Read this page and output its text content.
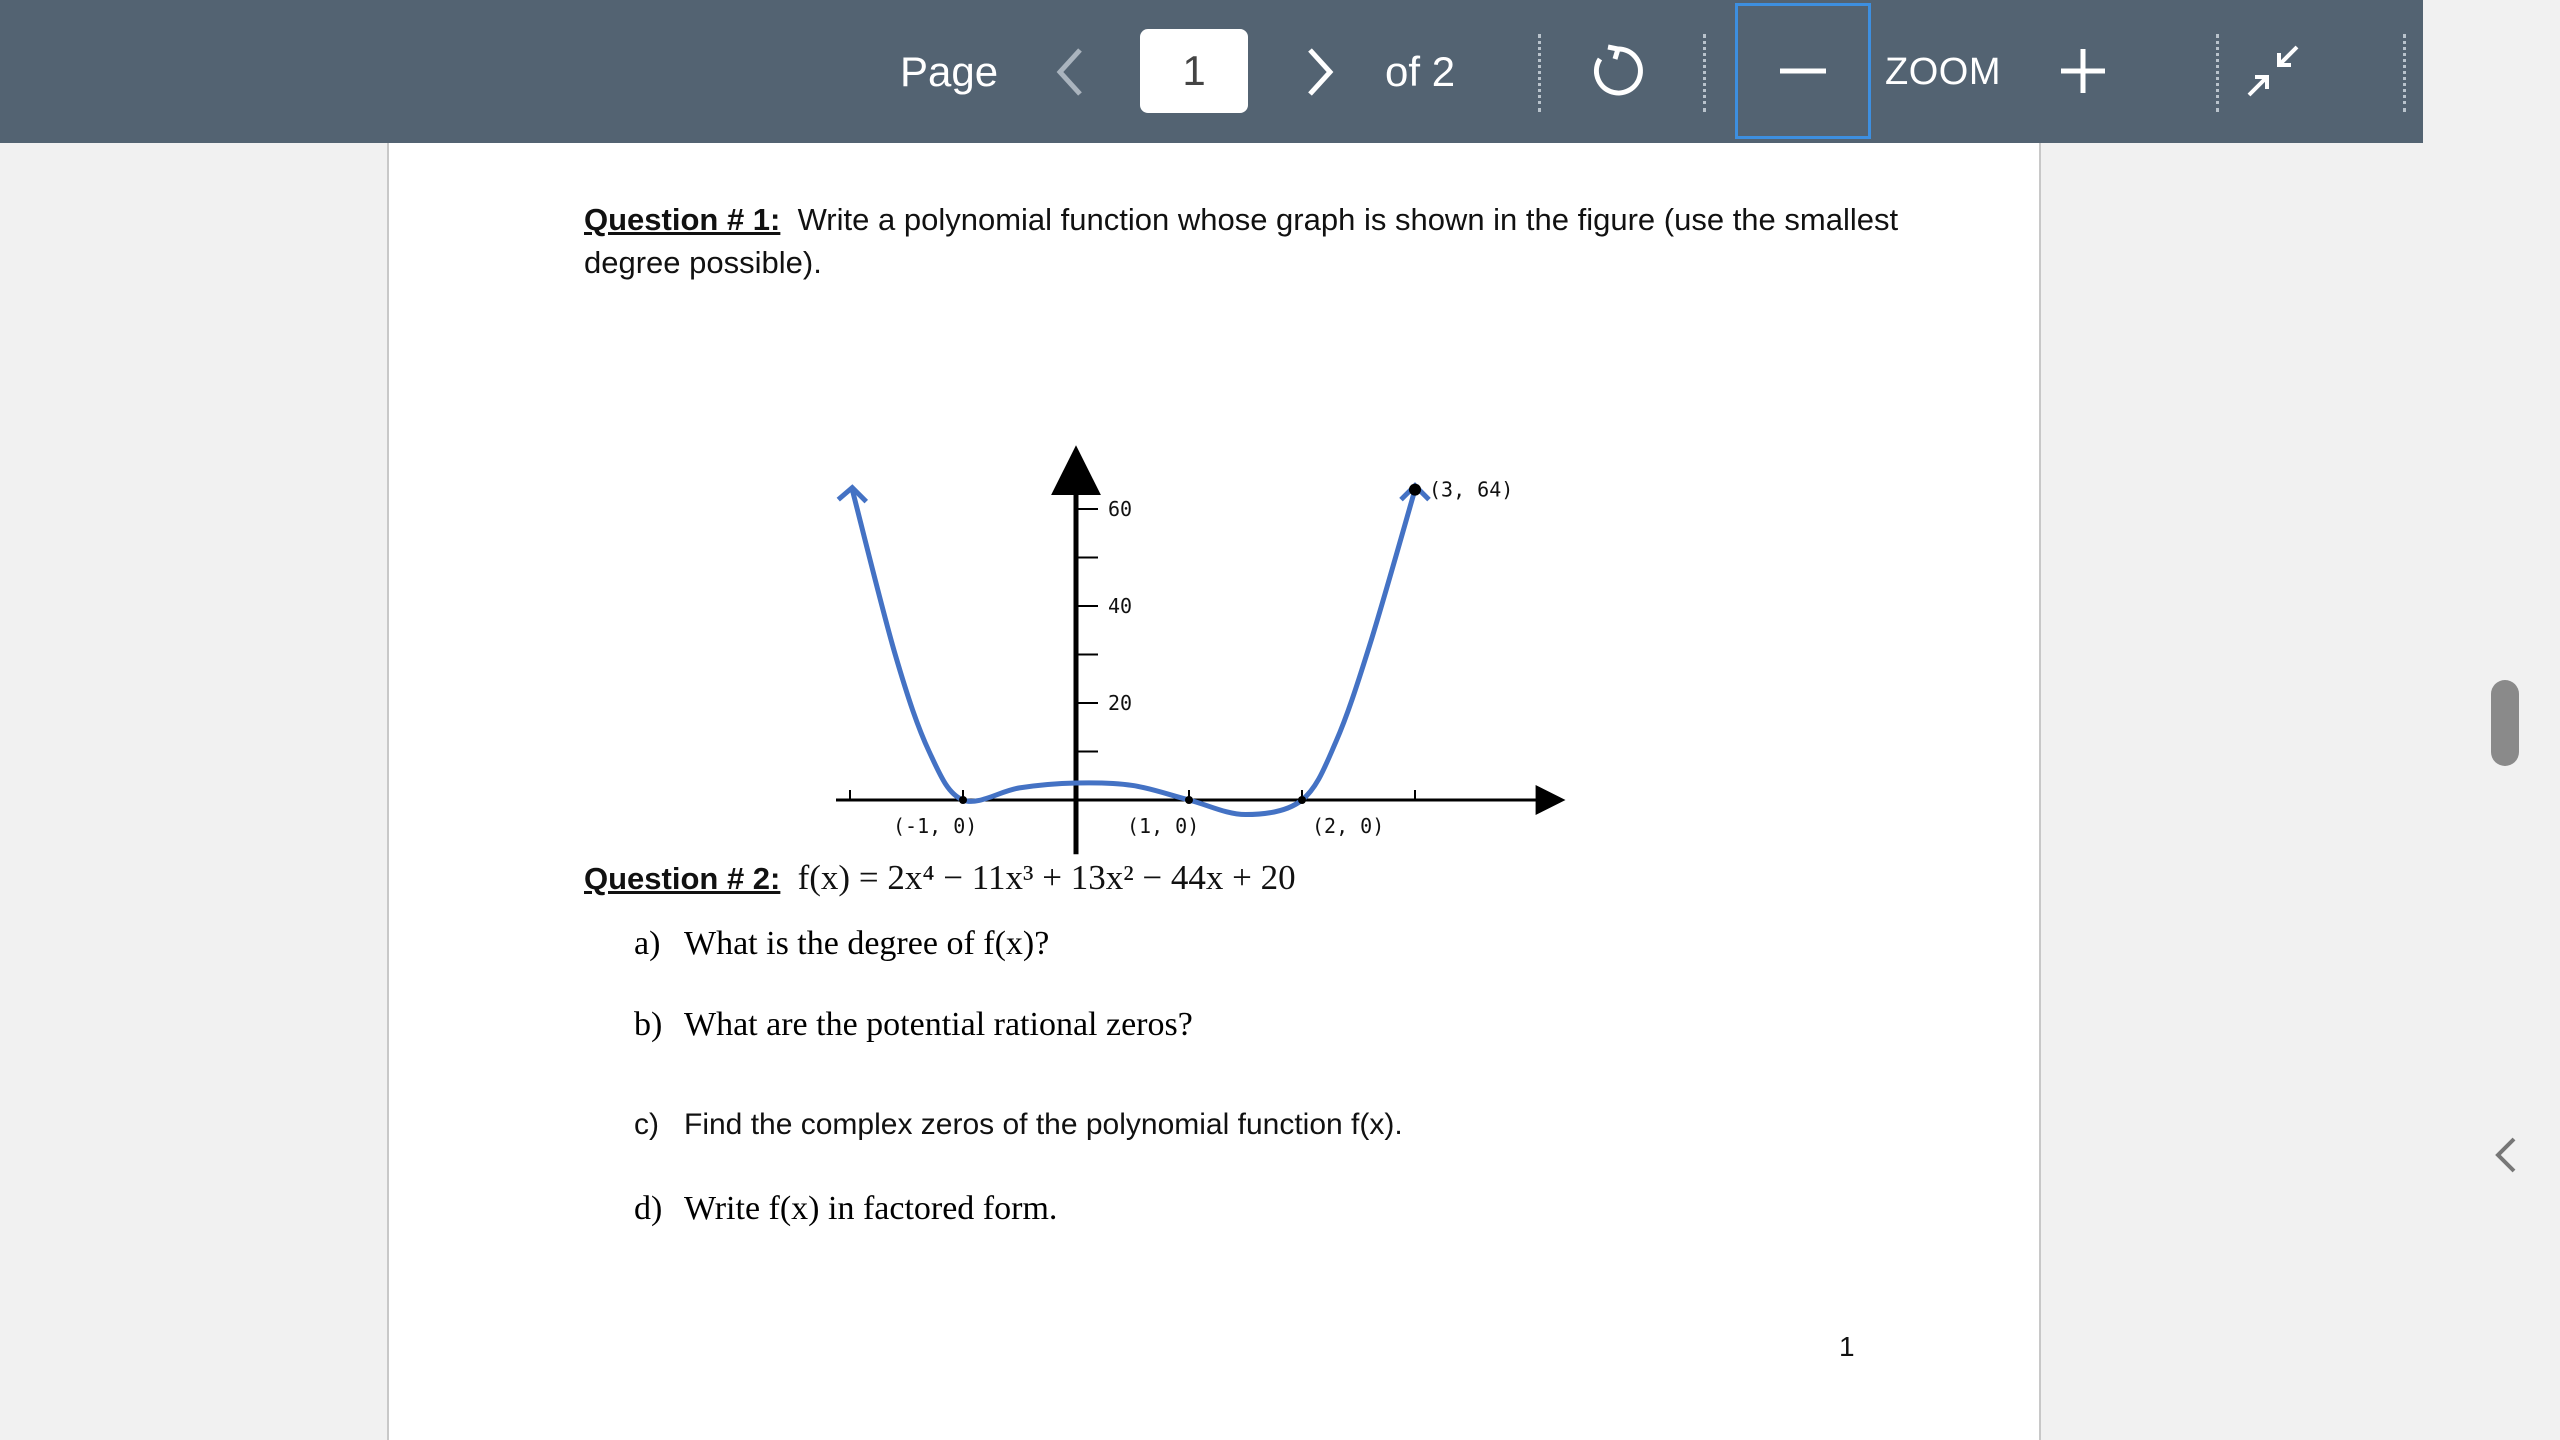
Page
1	of 2	ZOOM
Question # 1: Write a polynomial function whose graph is shown in the figure (use the smallest degree possible).
20
40
60
(-1, 0)	(1, 0)	(2, 0)
(3, 64)
Question # 2:
f(x) = 2x⁴ − 11x³ + 13x² − 44x + 20
a) What is the degree of f(x)?
b) What are the potential rational zeros?
c) Find the complex zeros of the polynomial function f(x).
d) Write f(x) in factored form.
1
